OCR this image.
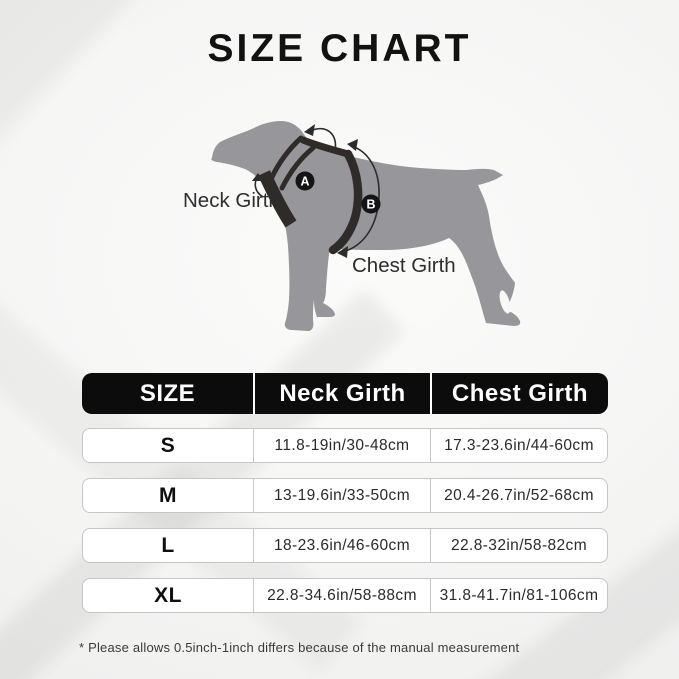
SIZE CHART
A
B
Neck Girth
Chest Girth
SIZE	Neck Girth	Chest Girth
S	11.8-19in/30-48cm	17.3-23.6in/44-60cm
M	13-19.6in/33-50cm	20.4-26.7in/52-68cm
L	18-23.6in/46-60cm	22.8-32in/58-82cm
XL	22.8-34.6in/58-88cm	31.8-41.7in/81-106cm
* Please allows 0.5inch-1inch differs because of the manual measurement
